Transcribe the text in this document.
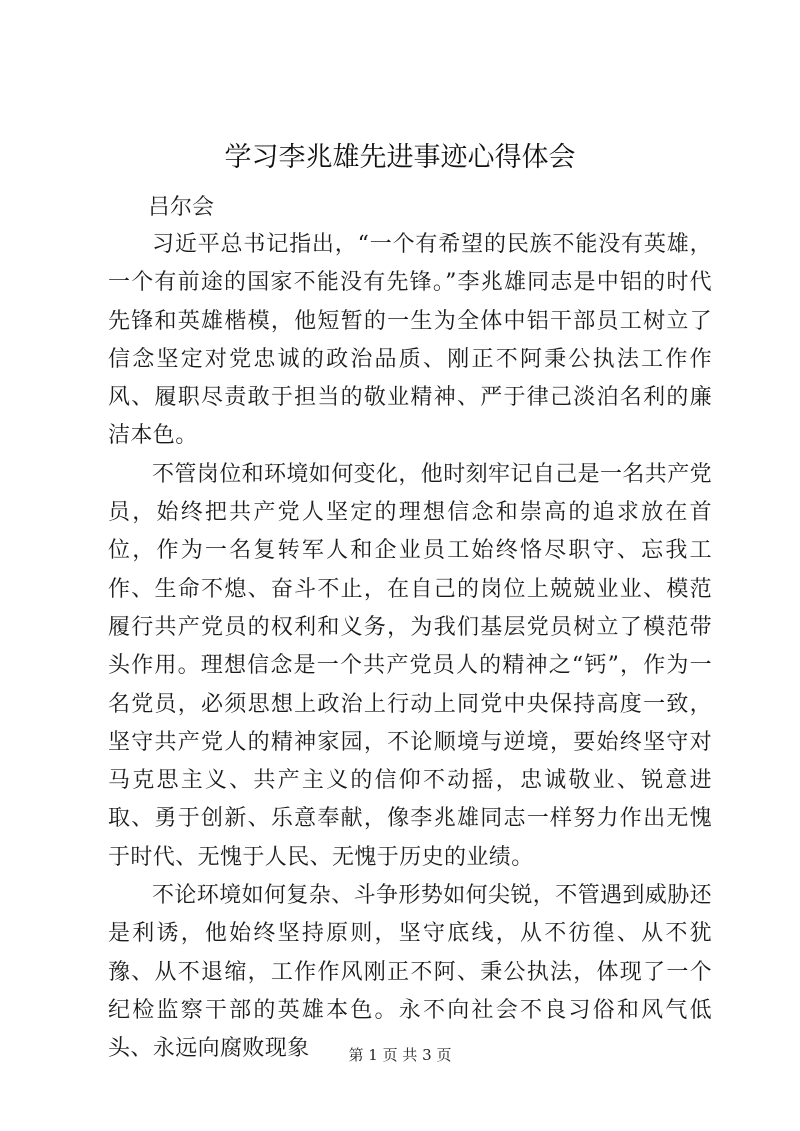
学习李兆雄先进事迹心得体会

吕尔会

习近平总书记指出，“一个有希望的民族不能没有英雄，一个有前途的国家不能没有先锋。”李兆雄同志是中铝的时代先锋和英雄楷模，他短暂的一生为全体中铝干部员工树立了信念坚定对党忠诚的政治品质、刚正不阿秉公执法工作作风、履职尽责敢于担当的敬业精神、严于律己淡泊名利的廉洁本色。

不管岗位和环境如何变化，他时刻牢记自己是一名共产党员，始终把共产党人坚定的理想信念和崇高的追求放在首位，作为一名复转军人和企业员工始终恪尽职守、忘我工作、生命不熄、奋斗不止，在自己的岗位上兢兢业业、模范履行共产党员的权利和义务，为我们基层党员树立了模范带头作用。理想信念是一个共产党员人的精神之“钙”，作为一名党员，必须思想上政治上行动上同党中央保持高度一致，坚守共产党人的精神家园，不论顺境与逆境，要始终坚守对马克思主义、共产主义的信仰不动摇，忠诚敬业、锐意进取、勇于创新、乐意奉献，像李兆雄同志一样努力作出无愧于时代、无愧于人民、无愧于历史的业绩。

不论环境如何复杂、斗争形势如何尖锐，不管遇到威胁还是利诱，他始终坚持原则，坚守底线，从不彷徨、从不犹豫、从不退缩，工作作风刚正不阿、秉公执法，体现了一个纪检监察干部的英雄本色。永不向社会不良习俗和风气低头、永远向腐败现象	第 1 页 共 3 页
